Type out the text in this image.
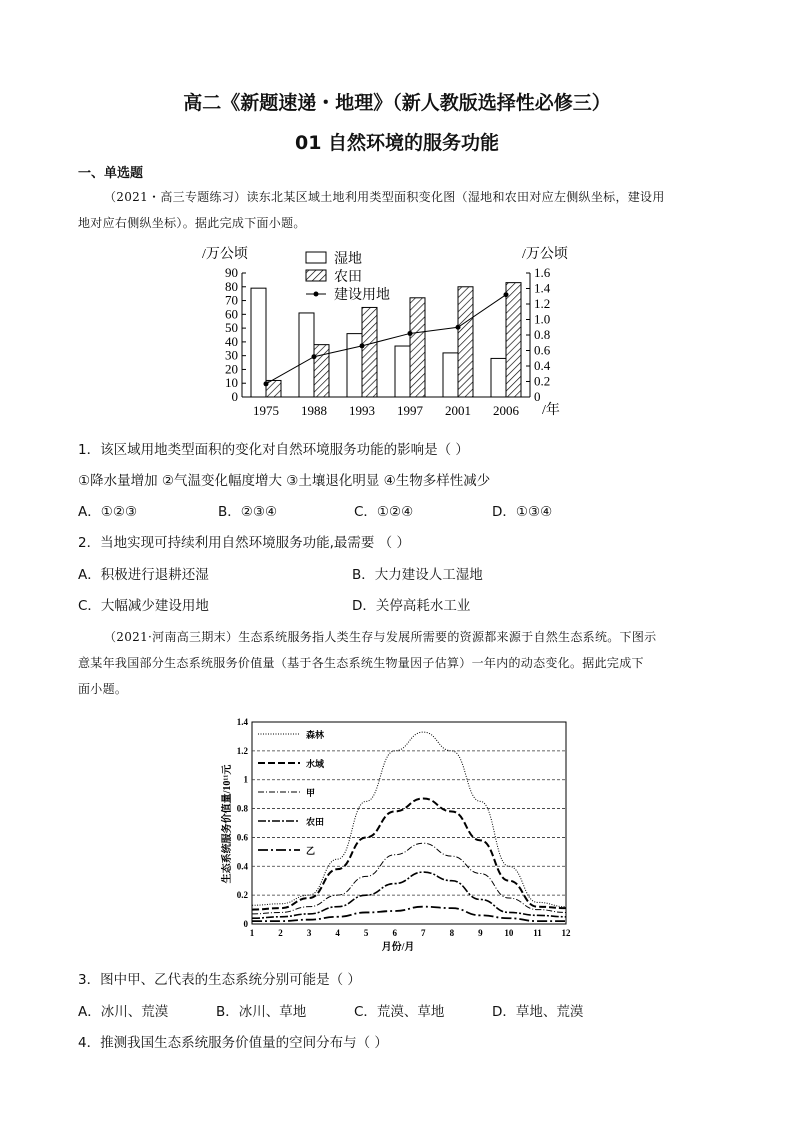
高二《新题速递・地理》（新人教版选择性必修三）
01 自然环境的服务功能
一、单选题
（2021・高三专题练习）读东北某区域土地利用类型面积变化图（湿地和农田对应左侧纵坐标，建设用
地对应右侧纵坐标）。据此完成下面小题。
0
10
20
30
40
50
60
70
80
90
0
0.2
0.4
0.6
0.8
1.0
1.2
1.4
1.6
1975 1988 1993 1997 2001 2006
/万公顷	/万公顷
/年
湿地
农田
建设用地
1．该区域用地类型面积的变化对自然环境服务功能的影响是（ ）
①降水量增加 ②气温变化幅度增大 ③土壤退化明显 ④生物多样性减少
A．①②③	B．②③④	C．①②④	D．①③④
2．当地实现可持续利用自然环境服务功能,最需要 （ ）
A．积极进行退耕还湿	B．大力建设人工湿地
C．大幅减少建设用地	D．关停高耗水工业
（2021·河南高三期末）生态系统服务指人类生存与发展所需要的资源都来源于自然生态系统。下图示
意某年我国部分生态系统服务价值量（基于各生态系统生物量因子估算）一年内的动态变化。据此完成下
面小题。
0
0.2
0.4
0.6
0.8
1
1.2
1.4
1	2	3	4	5	6	7	8	9 10 11 12
森林
水域
甲
农田
乙
月份/月
生态系统服务价值量/10¹¹元
3．图中甲、乙代表的生态系统分别可能是（ ）
A．冰川、荒漠	B．冰川、草地	C．荒漠、草地	D．草地、荒漠
4．推测我国生态系统服务价值量的空间分布与（ ）
